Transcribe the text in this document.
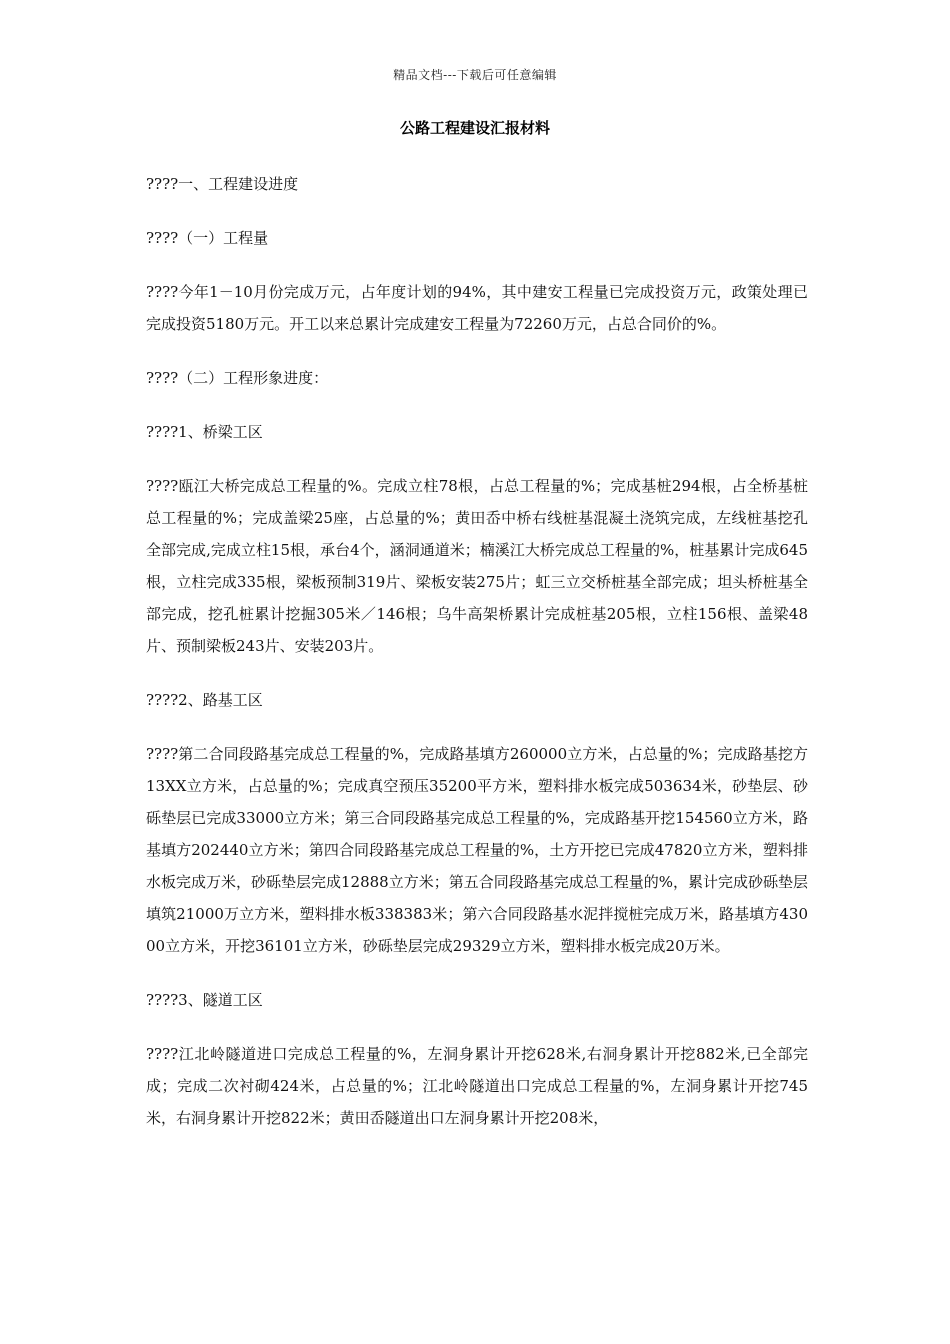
精品文档---下载后可任意编辑
公路工程建设汇报材料

????一、工程建设进度

????（一）工程量

????今年1－10月份完成万元，占年度计划的94%，其中建安工程量已完成投资万元，政策处理已完成投资5180万元。开工以来总累计完成建安工程量为72260万元，占总合同价的%。

????（二）工程形象进度：

????1、桥梁工区

????瓯江大桥完成总工程量的%。完成立柱78根，占总工程量的%；完成基桩294根，占全桥基桩总工程量的%；完成盖梁25座，占总量的%；黄田岙中桥右线桩基混凝土浇筑完成，左线桩基挖孔全部完成,完成立柱15根，承台4个，涵洞通道米；楠溪江大桥完成总工程量的%，桩基累计完成645根，立柱完成335根，梁板预制319片、梁板安装275片；虹三立交桥桩基全部完成；坦头桥桩基全部完成，挖孔桩累计挖掘305米／146根；乌牛高架桥累计完成桩基205根，立柱156根、盖梁48片、预制梁板243片、安装203片。

????2、路基工区

????第二合同段路基完成总工程量的%，完成路基填方260000立方米，占总量的%；完成路基挖方13XX立方米，占总量的%；完成真空预压35200平方米，塑料排水板完成503634米，砂垫层、砂砾垫层已完成33000立方米；第三合同段路基完成总工程量的%，完成路基开挖154560立方米，路基填方202440立方米；第四合同段路基完成总工程量的%，土方开挖已完成47820立方米，塑料排水板完成万米，砂砾垫层完成12888立方米；第五合同段路基完成总工程量的%，累计完成砂砾垫层填筑21000万立方米，塑料排水板338383米；第六合同段路基水泥拌搅桩完成万米，路基填方43000立方米，开挖36101立方米，砂砾垫层完成29329立方米，塑料排水板完成20万米。

????3、隧道工区

????江北岭隧道进口完成总工程量的%，左洞身累计开挖628米,右洞身累计开挖882米,已全部完成；完成二次衬砌424米，占总量的%；江北岭隧道出口完成总工程量的%，左洞身累计开挖745米，右洞身累计开挖822米；黄田岙隧道出口左洞身累计开挖208米，
